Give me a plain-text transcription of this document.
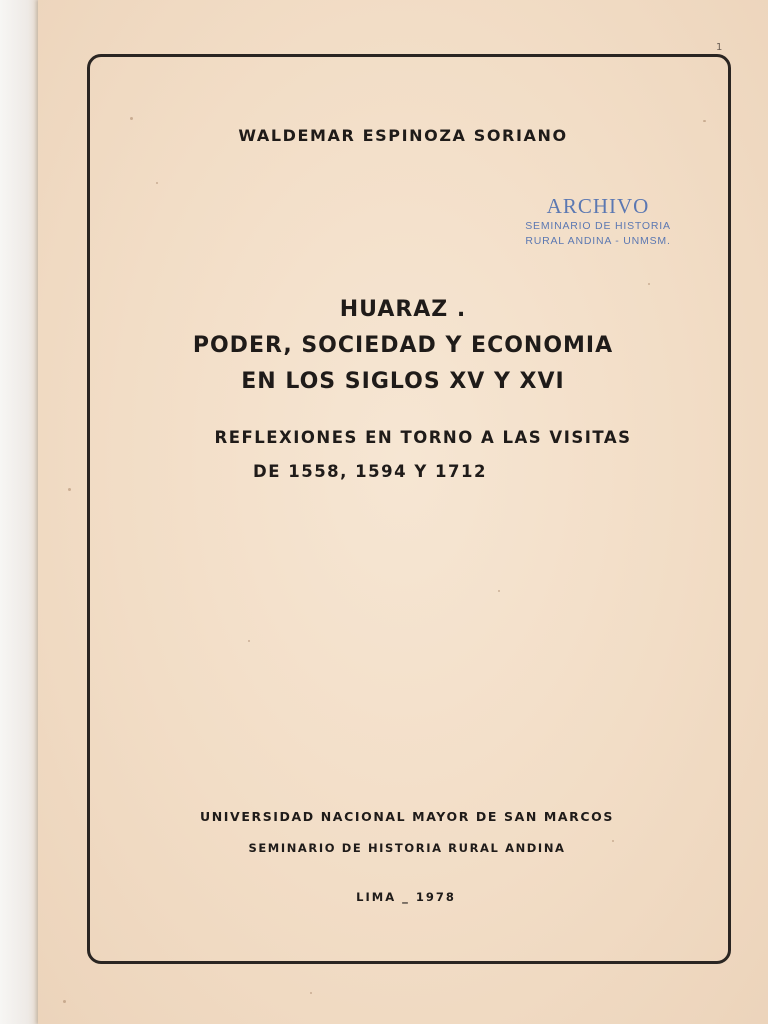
1
WALDEMAR ESPINOZA SORIANO
ARCHIVO
SEMINARIO DE HISTORIA
RURAL ANDINA - UNMSM.
HUARAZ .
PODER, SOCIEDAD Y ECONOMIA
EN LOS SIGLOS XV Y XVI
REFLEXIONES EN TORNO A LAS VISITAS
DE 1558, 1594 Y 1712
UNIVERSIDAD NACIONAL MAYOR DE SAN MARCOS
SEMINARIO DE HISTORIA RURAL ANDINA
LIMA _ 1978
